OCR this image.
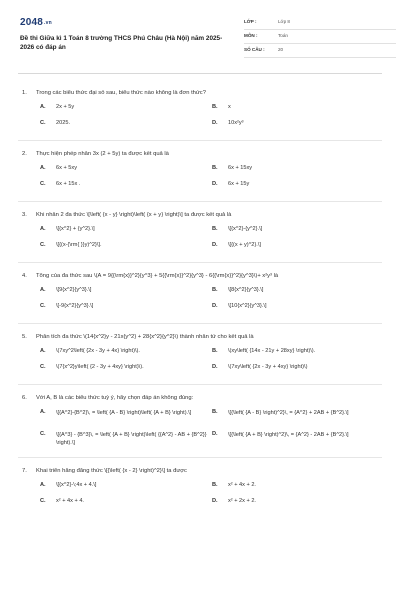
2048.vn
Đề thi Giữa kì 1 Toán 8 trường THCS Phú Châu (Hà Nội) năm 2025-2026 có đáp án
LỚP :	Lớp 8
MÔN :	Toán
SỐ CÂU :	20
1.	Trong các biểu thức đại số sau, biểu thức nào không là đơn thức?
A.	2x + 5y	B.	x
C.	2025.	D.	10x²y³
2.	Thực hiện phép nhân 3x (2 + 5y) ta được kết quả là
A.	6x + 5xy	B.	6x + 15xy
C.	6x + 15x .	D.	6x + 15y
3.	Khi nhân 2 đa thức \[\left( {x - y} \right)\left( {x + y} \right)\] ta được kết quả là
A.	\[{x^2} + {y^2}.\]	B.	\[{x^2}-{y^2}.\]
C.	\[{(x-{\rm{ }}y)^2}\].	D.	\[{(x + y)^2}.\]
4.	Tổng của đa thức sau \(A = 9{{\rm{x}}^2}{y^3} + 5{{\rm{x}}^2}{y^3} - 6{{\rm{x}}^2}{y^3}\)+ x²y³ là
A.	\[9{x^2}{y^3}.\]	B.	\[8{x^2}{y^3}.\]
C.	\[-9{x^2}{y^3}.\]	D.	\[10{x^2}{y^3}.\]
5.	Phân tích đa thức \(14{x^2}y - 21x{y^2} + 28{x^2}{y^2}\) thành nhân tử cho kết quả là
A.	\(7xy^2\left( {2x - 3y + 4x} \right)\).	B.	\(xy\left( {14x - 21y + 28xy} \right)\).
C.	\(7{x^2}y\left( {2 - 3y + 4xy} \right)\).	D.	\(7xy\left( {2x - 3y + 4xy} \right)\)
6.	Với A, B là các biểu thức tuỳ ý, hãy chọn đáp án không đúng:
A.	\[{A^2}-{B^2}\, = \left( {A - B} \right)\left( {A + B} \right).\]	B.	\[{\left( {A - B} \right)^2}\, = {A^2} + 2AB + {B^2}.\]
C.	\[{A^3} - {B^3}\, = \left( {A + B} \right)\left( {{A^2} - AB + {B^2}} \right).\]
D.	\[{\left( {A + B} \right)^2}\, = {A^2} - 2AB + {B^2}.\]
7.	Khai triển hằng đẳng thức \[{\left( {x - 2} \right)^2}\] ta được
A.	\[{x^2}-\;4x + 4.\]	B.	x² + 4x + 2.
C.	x² + 4x + 4.	D.	x² + 2x + 2.
